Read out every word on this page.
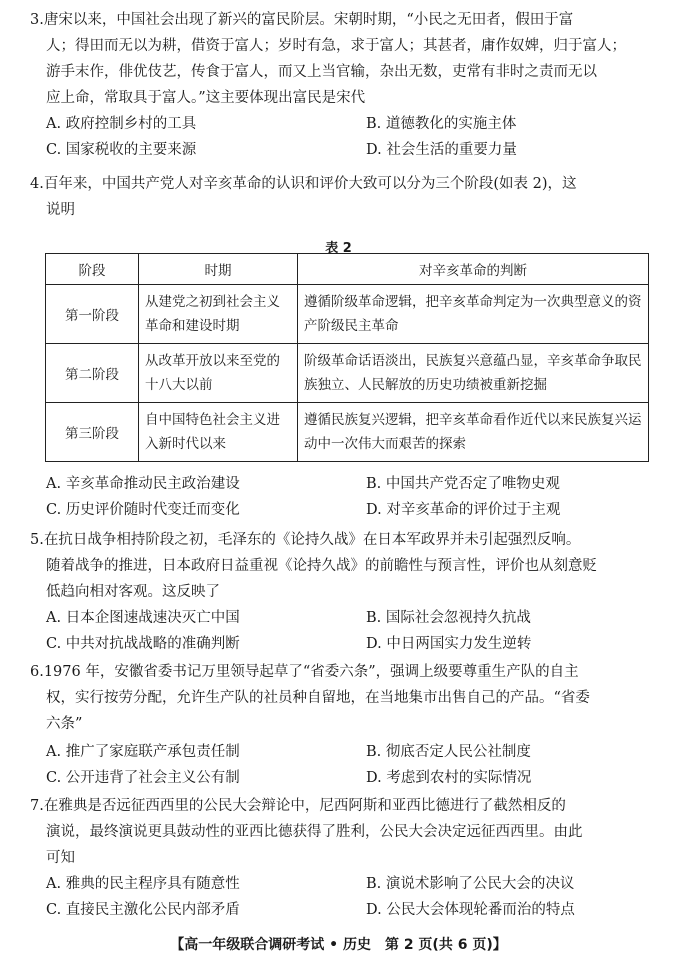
3.唐宋以来，中国社会出现了新兴的富民阶层。宋朝时期，“小民之无田者，假田于富
人；得田而无以为耕，借资于富人；岁时有急，求于富人；其甚者，庸作奴婢，归于富人；
游手末作，俳优伎艺，传食于富人，而又上当官输，杂出无数，吏常有非时之责而无以
应上命，常取具于富人。”这主要体现出富民是宋代
A. 政府控制乡村的工具	B. 道德教化的实施主体
C. 国家税收的主要来源	D. 社会生活的重要力量
4.百年来，中国共产党人对辛亥革命的认识和评价大致可以分为三个阶段(如表 2)，这
说明
表 2
阶段	时期	对辛亥革命的判断
第一阶段	从建党之初到社会主义革命和建设时期	遵循阶级革命逻辑，把辛亥革命判定为一次典型意义的资产阶级民主革命
第二阶段	从改革开放以来至党的十八大以前	阶级革命话语淡出，民族复兴意蕴凸显，辛亥革命争取民族独立、人民解放的历史功绩被重新挖掘
第三阶段	自中国特色社会主义进入新时代以来	遵循民族复兴逻辑，把辛亥革命看作近代以来民族复兴运动中一次伟大而艰苦的探索
A. 辛亥革命推动民主政治建设	B. 中国共产党否定了唯物史观
C. 历史评价随时代变迁而变化	D. 对辛亥革命的评价过于主观
5.在抗日战争相持阶段之初，毛泽东的《论持久战》在日本军政界并未引起强烈反响。
随着战争的推进，日本政府日益重视《论持久战》的前瞻性与预言性，评价也从刻意贬
低趋向相对客观。这反映了
A. 日本企图速战速决灭亡中国	B. 国际社会忽视持久抗战
C. 中共对抗战战略的准确判断	D. 中日两国实力发生逆转
6.1976 年，安徽省委书记万里领导起草了“省委六条”，强调上级要尊重生产队的自主
权，实行按劳分配，允许生产队的社员种自留地，在当地集市出售自己的产品。“省委
六条”
A. 推广了家庭联产承包责任制	B. 彻底否定人民公社制度
C. 公开违背了社会主义公有制	D. 考虑到农村的实际情况
7.在雅典是否远征西西里的公民大会辩论中，尼西阿斯和亚西比德进行了截然相反的
演说，最终演说更具鼓动性的亚西比德获得了胜利，公民大会决定远征西西里。由此
可知
A. 雅典的民主程序具有随意性	B. 演说术影响了公民大会的决议
C. 直接民主激化公民内部矛盾	D. 公民大会体现轮番而治的特点
【高一年级联合调研考试 • 历史　第 2 页(共 6 页)】
